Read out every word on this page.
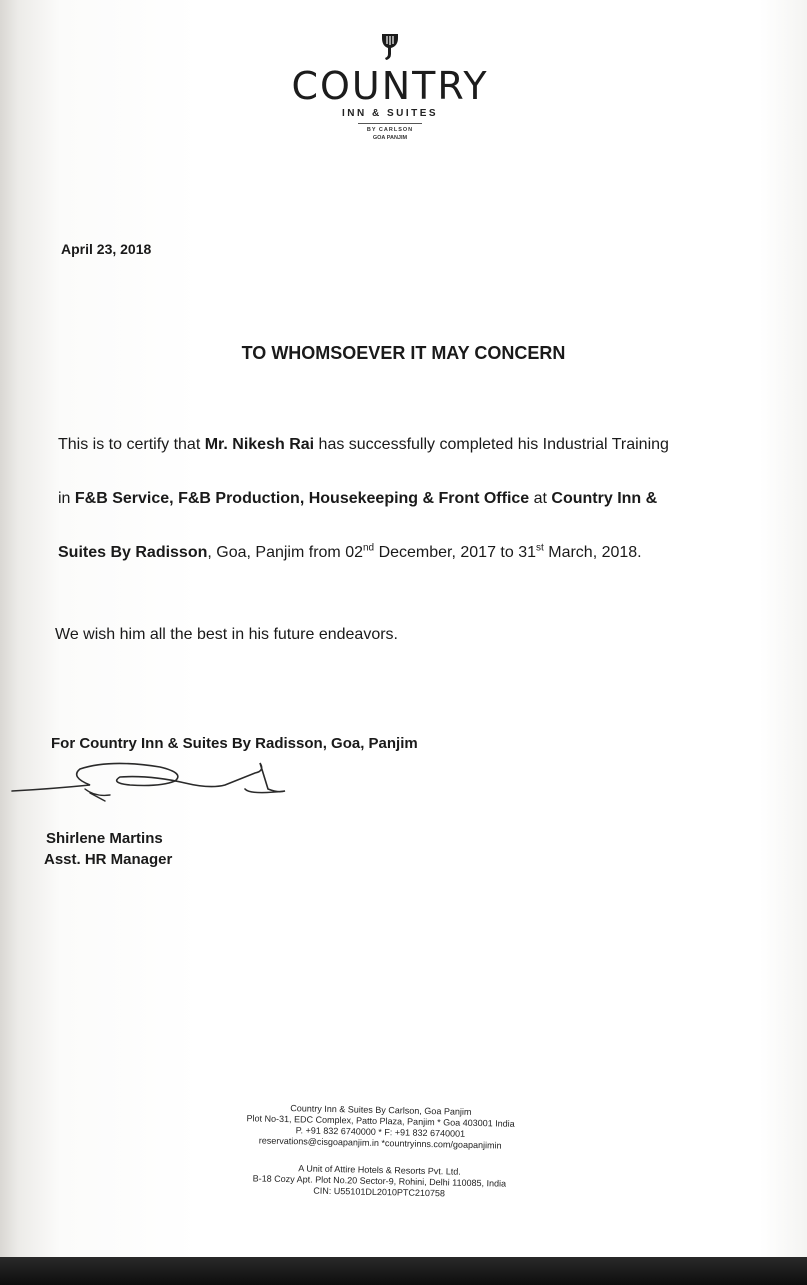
COUNTRY
INN & SUITES
BY CARLSON
GOA PANJIM
April 23, 2018
TO WHOMSOEVER IT MAY CONCERN
This is to certify that Mr. Nikesh Rai has successfully completed his Industrial Training
in F&B Service, F&B Production, Housekeeping & Front Office at Country Inn &
Suites By Radisson, Goa, Panjim from 02nd December, 2017 to 31st March, 2018.
We wish him all the best in his future endeavors.
For Country Inn & Suites By Radisson, Goa, Panjim
Shirlene Martins
Asst. HR Manager
Country Inn & Suites By Carlson, Goa Panjim
Plot No-31, EDC Complex, Patto Plaza, Panjim * Goa 403001 India
P. +91 832 6740000 * F: +91 832 6740001
reservations@cisgoapanjim.in *countryinns.com/goapanjimin
A Unit of Attire Hotels & Resorts Pvt. Ltd.
B-18 Cozy Apt. Plot No.20 Sector-9, Rohini, Delhi 110085, India
CIN: U55101DL2010PTC210758
